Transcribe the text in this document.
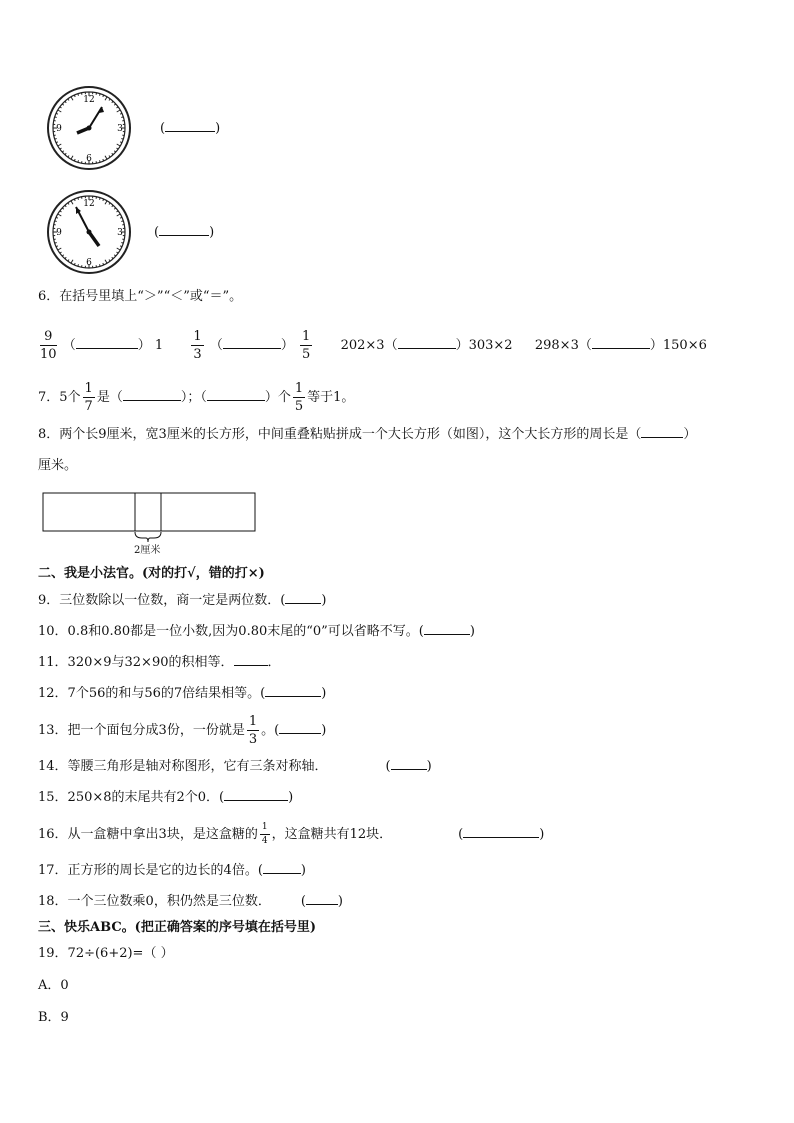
12
3
6
9	(	)
12
3
6
9	(	)
6．在括号里填上“＞”“＜”或“＝”。
$\frac{9}{10}$ （	） $1 \frac{1}{3}$ （	） $\frac{1}{5} 202\times 3$（	）303×2 298×3（	）150×6
7．5个 $\frac{1}{7}$ 是（	）；（	）个 $\frac{1}{5}$ 等于1。
8．两个长9厘米，宽3厘米的长方形，中间重叠粘贴拼成一个大长方形（如图），这个大长方形的周长是（	）
厘米。
2厘米
二、我是小法官。(对的打√，错的打×)
9．三位数除以一位数，商一定是两位数．(	)
10．0.8和0.80都是一位小数,因为0.80末尾的“0”可以省略不写。(	)
11．320×9与32×90的积相等．	．
12．7个56的和与56的7倍结果相等。(	)
13．把一个面包分成3份，一份就是 $\frac{1}{3}$ 。(	)
14．等腰三角形是轴对称图形，它有三条对称轴．	(	)
15．250×8的末尾共有2个0．(	)
16．从一盒糖中拿出3块，是这盒糖的 $\frac{1}{4}$ ，这盒糖共有12块．	(	)
17．正方形的周长是它的边长的4倍。(	)
18．一个三位数乘0，积仍然是三位数． ( )
三、快乐ABC。(把正确答案的序号填在括号里)
19．72÷(6+2)=（ ）
A．0
B．9
